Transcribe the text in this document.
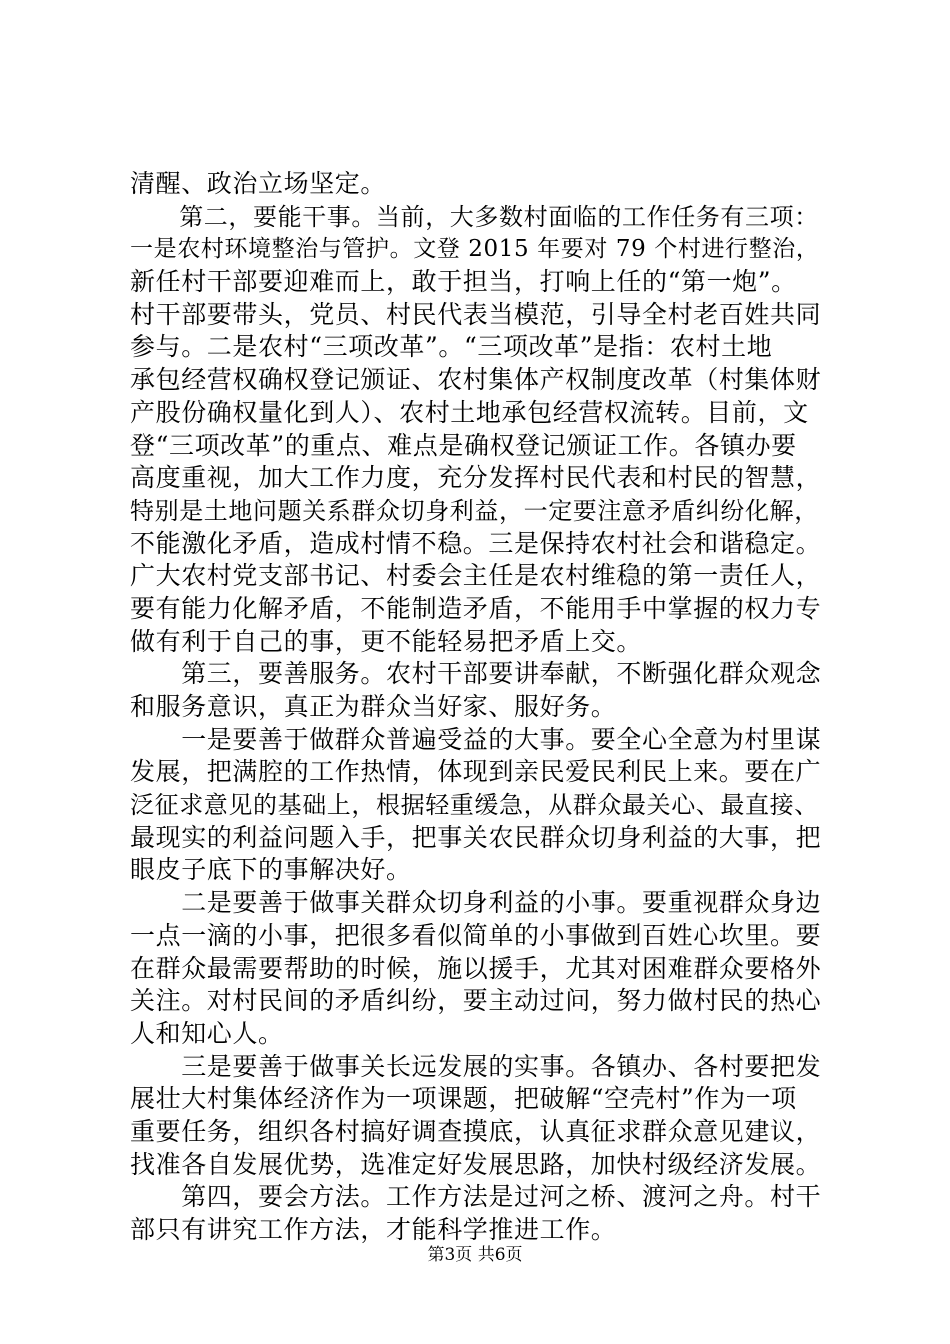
清醒、政治立场坚定。
　　第二，要能干事。当前，大多数村面临的工作任务有三项：
一是农村环境整治与管护。文登 2015 年要对 79 个村进行整治，
新任村干部要迎难而上，敢于担当，打响上任的“第一炮”。
村干部要带头，党员、村民代表当模范，引导全村老百姓共同
参与。二是农村“三项改革”。“三项改革”是指：农村土地
承包经营权确权登记颁证、农村集体产权制度改革（村集体财
产股份确权量化到人）、农村土地承包经营权流转。目前，文
登“三项改革”的重点、难点是确权登记颁证工作。各镇办要
高度重视，加大工作力度，充分发挥村民代表和村民的智慧，
特别是土地问题关系群众切身利益，一定要注意矛盾纠纷化解，
不能激化矛盾，造成村情不稳。三是保持农村社会和谐稳定。
广大农村党支部书记、村委会主任是农村维稳的第一责任人，
要有能力化解矛盾，不能制造矛盾，不能用手中掌握的权力专
做有利于自己的事，更不能轻易把矛盾上交。
　　第三，要善服务。农村干部要讲奉献，不断强化群众观念
和服务意识，真正为群众当好家、服好务。
　　一是要善于做群众普遍受益的大事。要全心全意为村里谋
发展，把满腔的工作热情，体现到亲民爱民利民上来。要在广
泛征求意见的基础上，根据轻重缓急，从群众最关心、最直接、
最现实的利益问题入手，把事关农民群众切身利益的大事，把
眼皮子底下的事解决好。
　　二是要善于做事关群众切身利益的小事。要重视群众身边
一点一滴的小事，把很多看似简单的小事做到百姓心坎里。要
在群众最需要帮助的时候，施以援手，尤其对困难群众要格外
关注。对村民间的矛盾纠纷，要主动过问，努力做村民的热心
人和知心人。
　　三是要善于做事关长远发展的实事。各镇办、各村要把发
展壮大村集体经济作为一项课题，把破解“空壳村”作为一项
重要任务，组织各村搞好调查摸底，认真征求群众意见建议，
找准各自发展优势，选准定好发展思路，加快村级经济发展。
　　第四，要会方法。工作方法是过河之桥、渡河之舟。村干
部只有讲究工作方法，才能科学推进工作。
第3页 共6页
